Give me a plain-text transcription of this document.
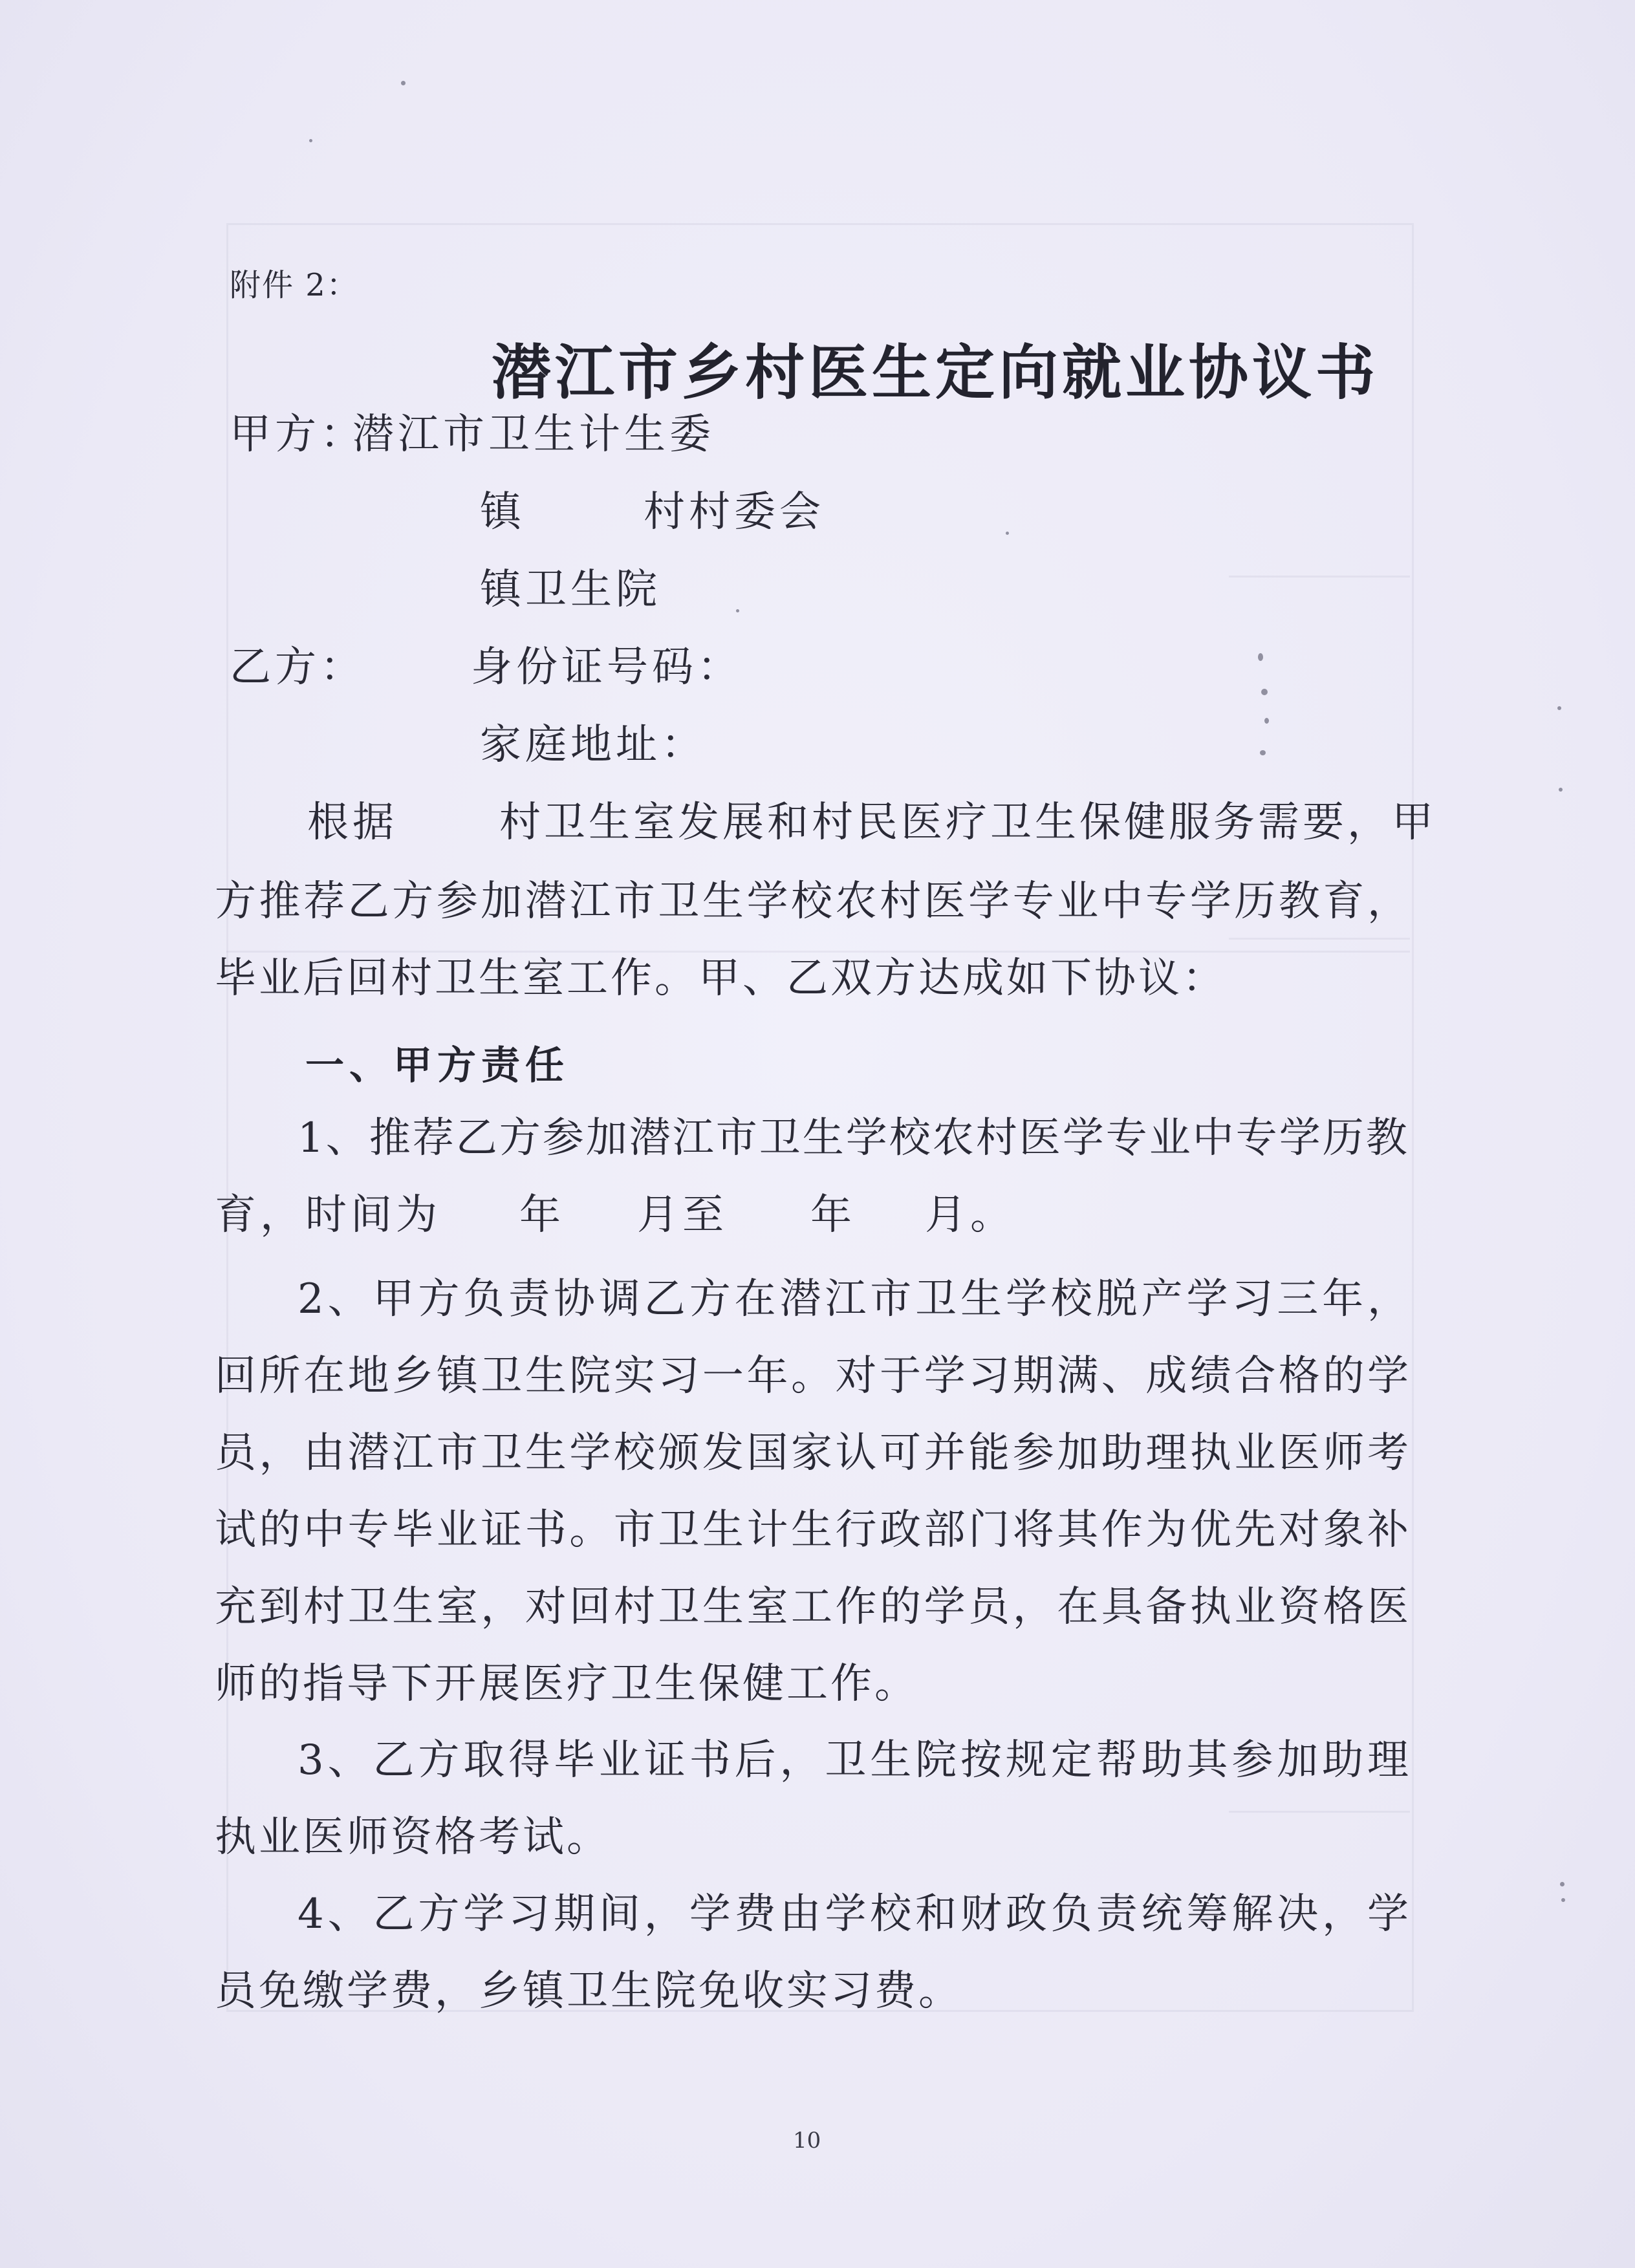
附件 2：
潜江市乡村医生定向就业协议书
甲方：
潜江市卫生计生委
镇	村村委会
镇卫生院
乙方：	身份证号码：
家庭地址：
根据 村卫生室发展和村民医疗卫生保健服务需要，甲
方推荐乙方参加潜江市卫生学校农村医学专业中专学历教育，毕业后回村卫生室工作。甲、乙双方达成如下协议：
一、甲方责任
1、推荐乙方参加潜江市卫生学校农村医学专业中专学历教
育，时间为 年 月至 年 月。
2、甲方负责协调乙方在潜江市卫生学校脱产学习三年，回所在地乡镇卫生院实习一年。对于学习期满、成绩合格的学员，由潜江市卫生学校颁发国家认可并能参加助理执业医师考试的中专毕业证书。市卫生计生行政部门将其作为优先对象补充到村卫生室，对回村卫生室工作的学员，在具备执业资格医师的指导下开展医疗卫生保健工作。
3、乙方取得毕业证书后，卫生院按规定帮助其参加助理执业医师资格考试。
4、乙方学习期间，学费由学校和财政负责统筹解决，学员免缴学费，乡镇卫生院免收实习费。
10
